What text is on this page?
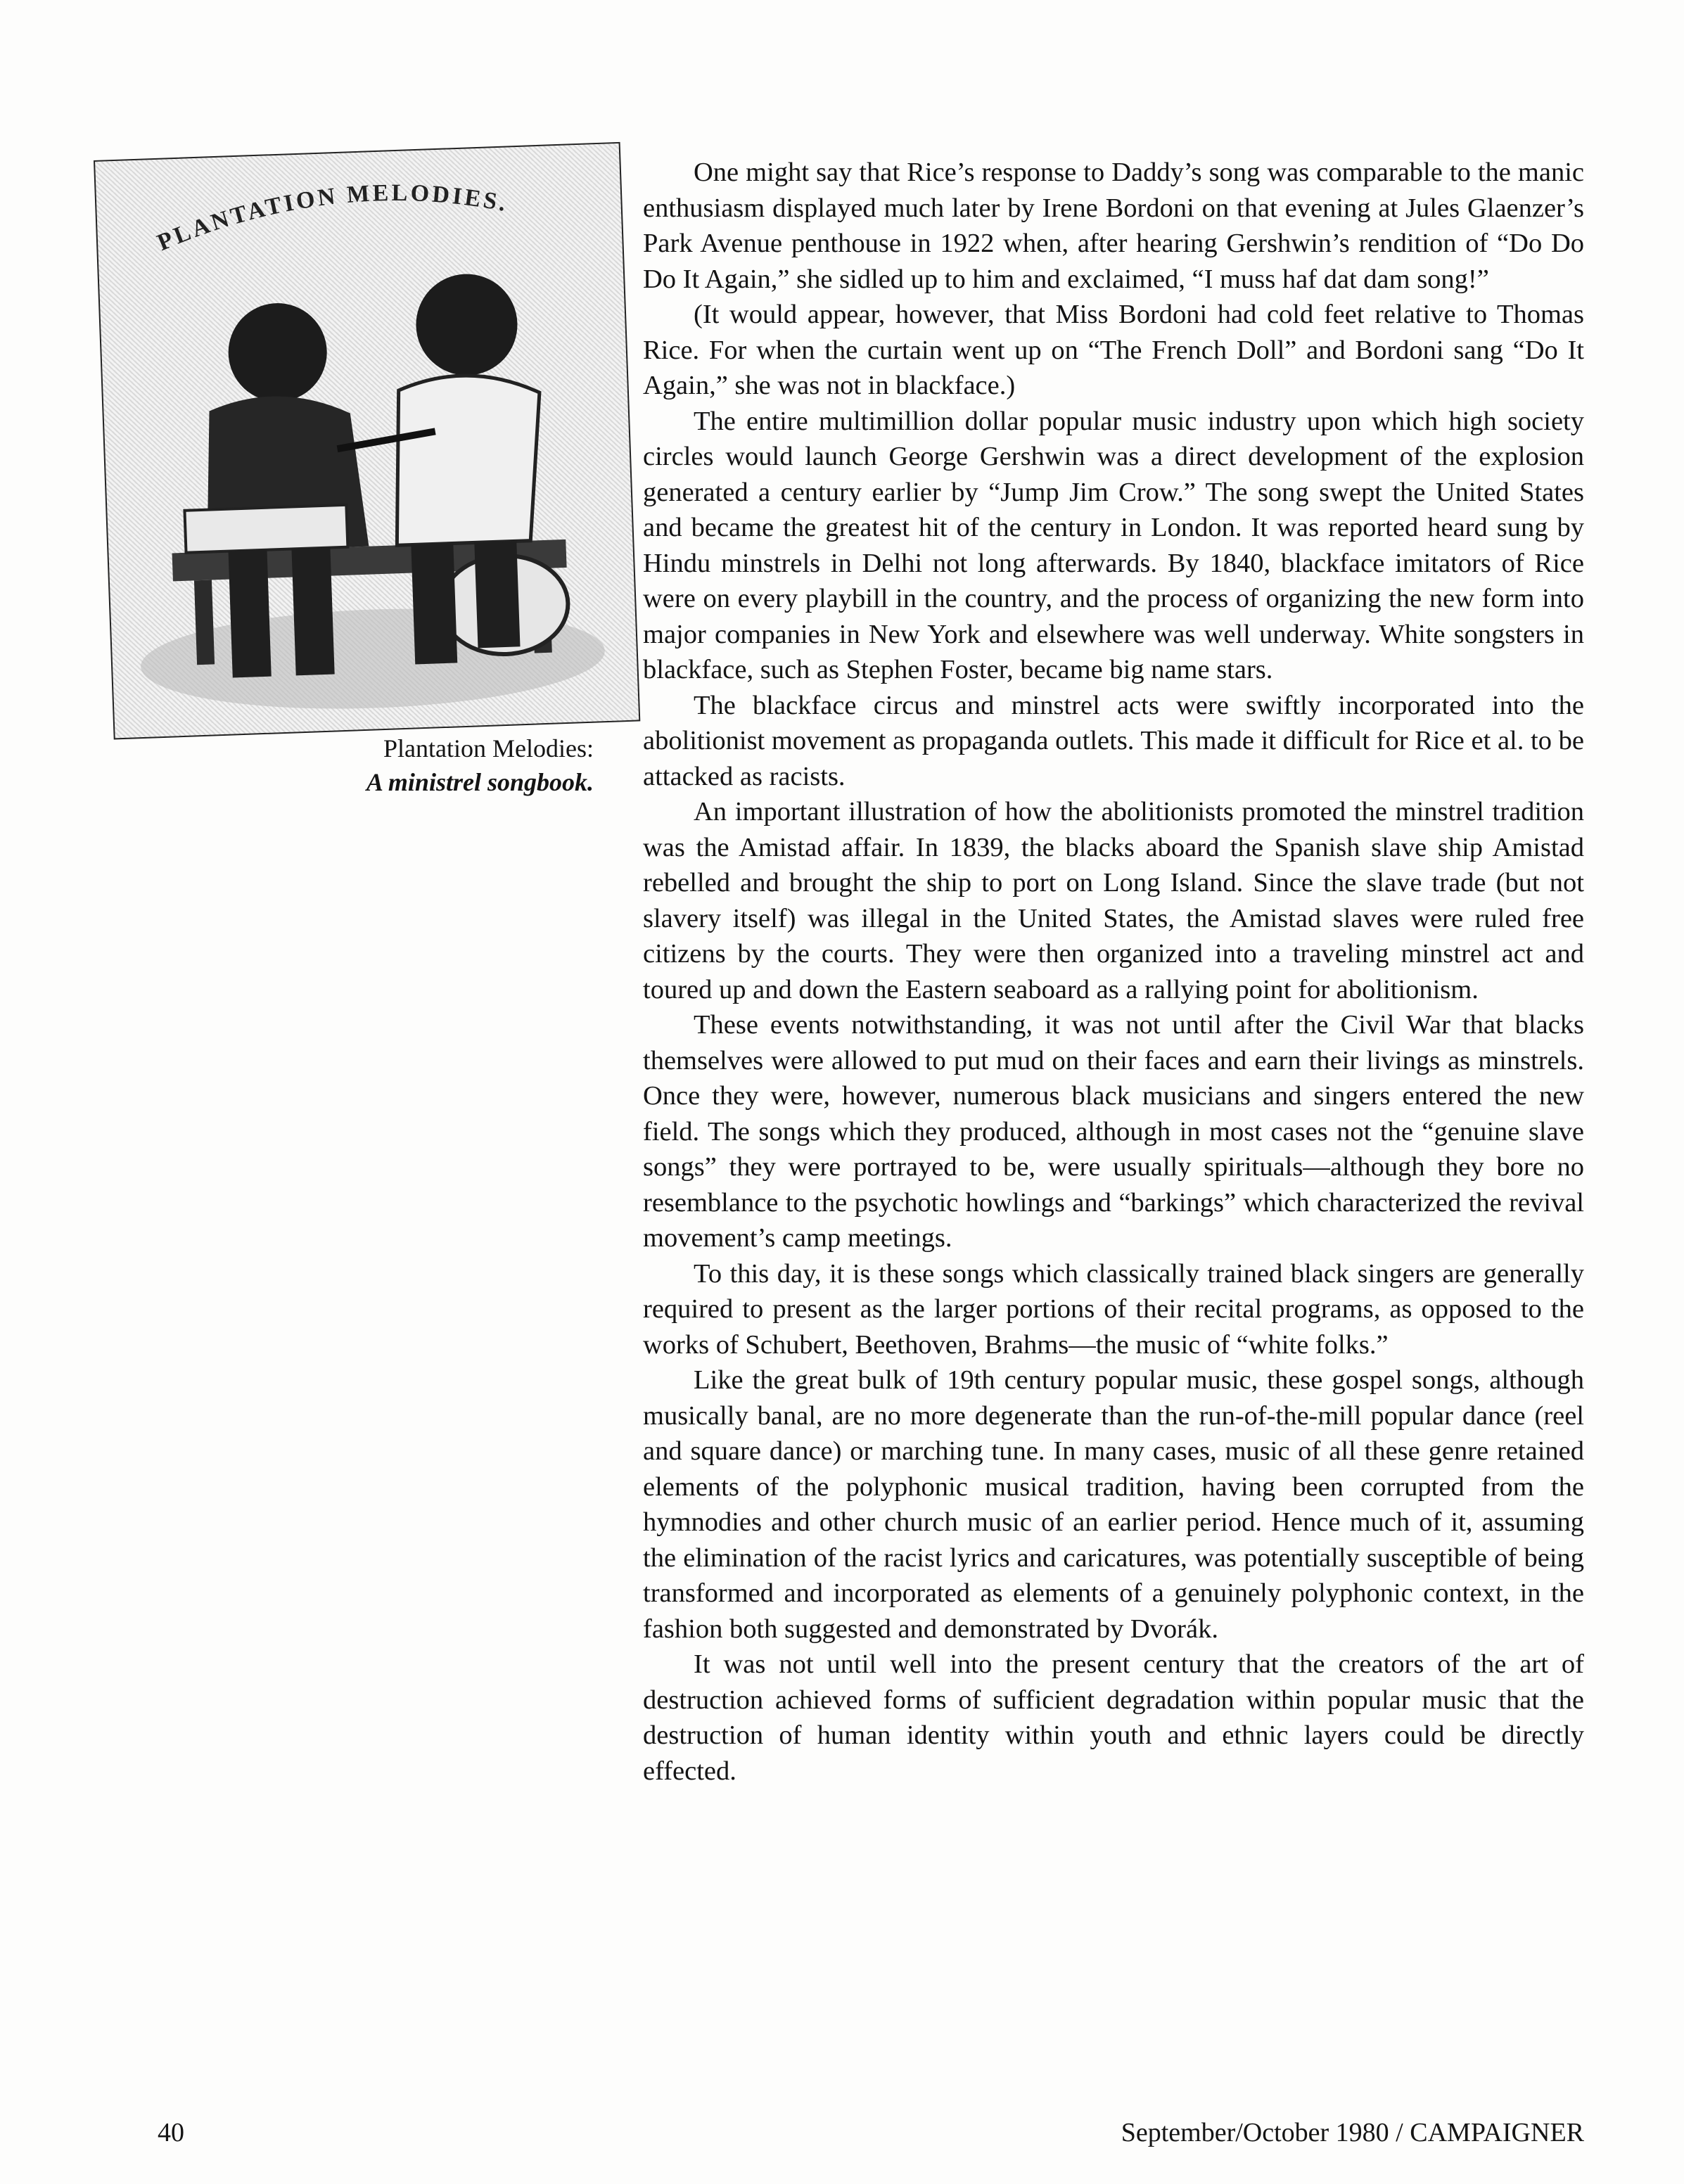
PLANTATION MELODIES.
Plantation Melodies:
A ministrel songbook.

One might say that Rice’s response to Daddy’s song was comparable to the manic enthusiasm displayed much later by Irene Bordoni on that evening at Jules Glaenzer’s Park Avenue penthouse in 1922 when, after hearing Gershwin’s rendition of “Do Do Do It Again,” she sidled up to him and exclaimed, “I muss haf dat dam song!”

(It would appear, however, that Miss Bordoni had cold feet relative to Thomas Rice. For when the curtain went up on “The French Doll” and Bordoni sang “Do It Again,” she was not in blackface.)

The entire multimillion dollar popular music industry upon which high society circles would launch George Gershwin was a direct development of the explosion generated a century earlier by “Jump Jim Crow.” The song swept the United States and became the greatest hit of the century in London. It was reported heard sung by Hindu minstrels in Delhi not long afterwards. By 1840, blackface imitators of Rice were on every playbill in the country, and the process of organizing the new form into major companies in New York and elsewhere was well underway. White songsters in blackface, such as Stephen Foster, became big name stars.

The blackface circus and minstrel acts were swiftly incorporated into the abolitionist movement as propaganda outlets. This made it difficult for Rice et al. to be attacked as racists.

An important illustration of how the abolitionists promoted the minstrel tradition was the Amistad affair. In 1839, the blacks aboard the Spanish slave ship Amistad rebelled and brought the ship to port on Long Island. Since the slave trade (but not slavery itself) was illegal in the United States, the Amistad slaves were ruled free citizens by the courts. They were then organized into a traveling minstrel act and toured up and down the Eastern seaboard as a rallying point for abolitionism.

These events notwithstanding, it was not until after the Civil War that blacks themselves were allowed to put mud on their faces and earn their livings as minstrels. Once they were, however, numerous black musicians and singers entered the new field. The songs which they produced, although in most cases not the “genuine slave songs” they were portrayed to be, were usually spirituals—although they bore no resemblance to the psychotic howlings and “barkings” which characterized the revival movement’s camp meetings.

To this day, it is these songs which classically trained black singers are generally required to present as the larger portions of their recital programs, as opposed to the works of Schubert, Beethoven, Brahms—the music of “white folks.”

Like the great bulk of 19th century popular music, these gospel songs, although musically banal, are no more degenerate than the run-of-the-mill popular dance (reel and square dance) or marching tune. In many cases, music of all these genre retained elements of the polyphonic musical tradition, having been corrupted from the hymnodies and other church music of an earlier period. Hence much of it, assuming the elimination of the racist lyrics and caricatures, was potentially susceptible of being transformed and incorporated as elements of a genuinely polyphonic context, in the fashion both suggested and demonstrated by Dvorák.

It was not until well into the present century that the creators of the art of destruction achieved forms of sufficient degradation within popular music that the destruction of human identity within youth and ethnic layers could be directly effected.

40	September/October 1980 / CAMPAIGNER
